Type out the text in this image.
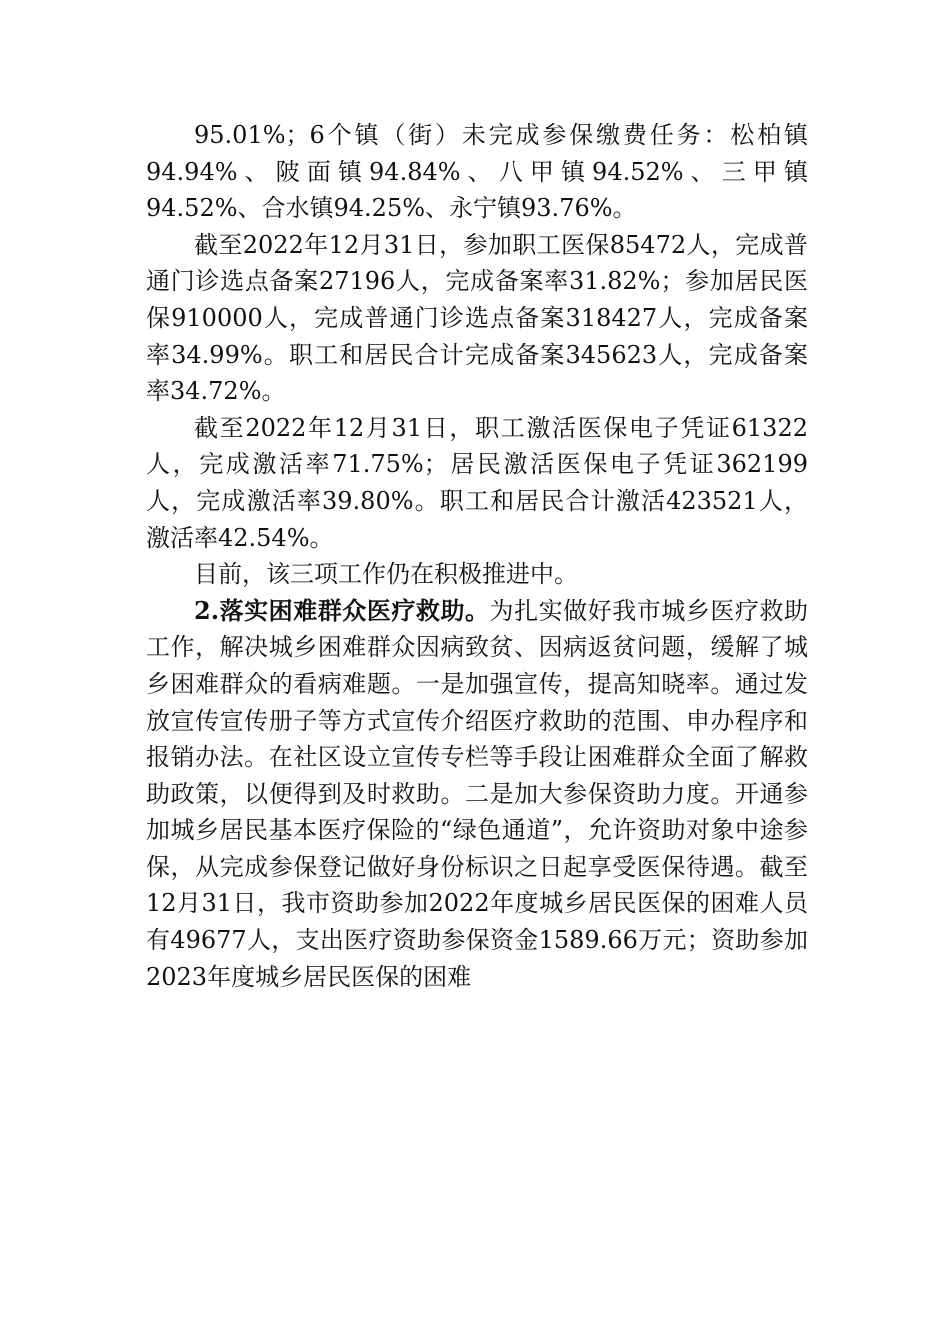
95.01%；6个镇（街）未完成参保缴费任务：松柏镇94.94%、陂面镇94.84%、八甲镇94.52%、三甲镇94.52%、合水镇94.25%、永宁镇93.76%。

截至2022年12月31日，参加职工医保85472人，完成普通门诊选点备案27196人，完成备案率31.82%；参加居民医保910000人，完成普通门诊选点备案318427人，完成备案率34.99%。职工和居民合计完成备案345623人，完成备案率34.72%。

截至2022年12月31日，职工激活医保电子凭证61322人，完成激活率71.75%；居民激活医保电子凭证362199人，完成激活率39.80%。职工和居民合计激活423521人，激活率42.54%。

目前，该三项工作仍在积极推进中。

2.落实困难群众医疗救助。为扎实做好我市城乡医疗救助工作，解决城乡困难群众因病致贫、因病返贫问题，缓解了城乡困难群众的看病难题。一是加强宣传，提高知晓率。通过发放宣传宣传册子等方式宣传介绍医疗救助的范围、申办程序和报销办法。在社区设立宣传专栏等手段让困难群众全面了解救助政策，以便得到及时救助。二是加大参保资助力度。开通参加城乡居民基本医疗保险的“绿色通道”，允许资助对象中途参保，从完成参保登记做好身份标识之日起享受医保待遇。截至12月31日，我市资助参加2022年度城乡居民医保的困难人员有49677人，支出医疗资助参保资金1589.66万元；资助参加2023年度城乡居民医保的困难
